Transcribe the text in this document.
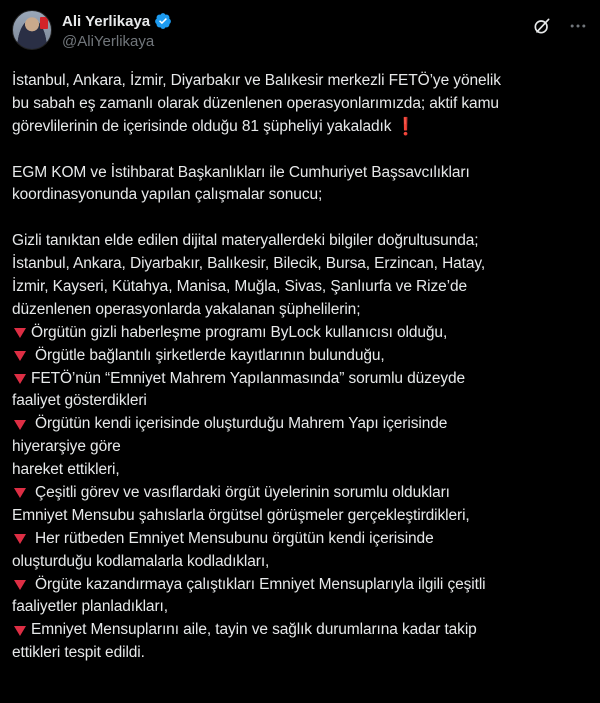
Ali Yerlikaya
@AliYerlikaya
İstanbul, Ankara, İzmir, Diyarbakır ve Balıkesir merkezli FETÖ’ye yönelik
bu sabah eş zamanlı olarak düzenlenen operasyonlarımızda; aktif kamu
görevlilerinin de içerisinde olduğu 81 şüpheliyi yakaladık ❗
EGM KOM ve İstihbarat Başkanlıkları ile Cumhuriyet Başsavcılıkları
koordinasyonunda yapılan çalışmalar sonucu;
Gizli tanıktan elde edilen dijital materyallerdeki bilgiler doğrultusunda;
İstanbul, Ankara, Diyarbakır, Balıkesir, Bilecik, Bursa, Erzincan, Hatay,
İzmir, Kayseri, Kütahya, Manisa, Muğla, Sivas, Şanlıurfa ve Rize’de
düzenlenen operasyonlarda yakalanan şüphelilerin;
Örgütün gizli haberleşme programı ByLock kullanıcısı olduğu,
Örgütle bağlantılı şirketlerde kayıtlarının bulunduğu,
FETÖ’nün “Emniyet Mahrem Yapılanmasında” sorumlu düzeyde
faaliyet gösterdikleri
Örgütün kendi içerisinde oluşturduğu Mahrem Yapı içerisinde
hiyerarşiye göre
hareket ettikleri,
Çeşitli görev ve vasıflardaki örgüt üyelerinin sorumlu oldukları
Emniyet Mensubu şahıslarla örgütsel görüşmeler gerçekleştirdikleri,
Her rütbeden Emniyet Mensubunu örgütün kendi içerisinde
oluşturduğu kodlamalarla kodladıkları,
Örgüte kazandırmaya çalıştıkları Emniyet Mensuplarıyla ilgili çeşitli
faaliyetler planladıkları,
Emniyet Mensuplarını aile, tayin ve sağlık durumlarına kadar takip
ettikleri tespit edildi.
